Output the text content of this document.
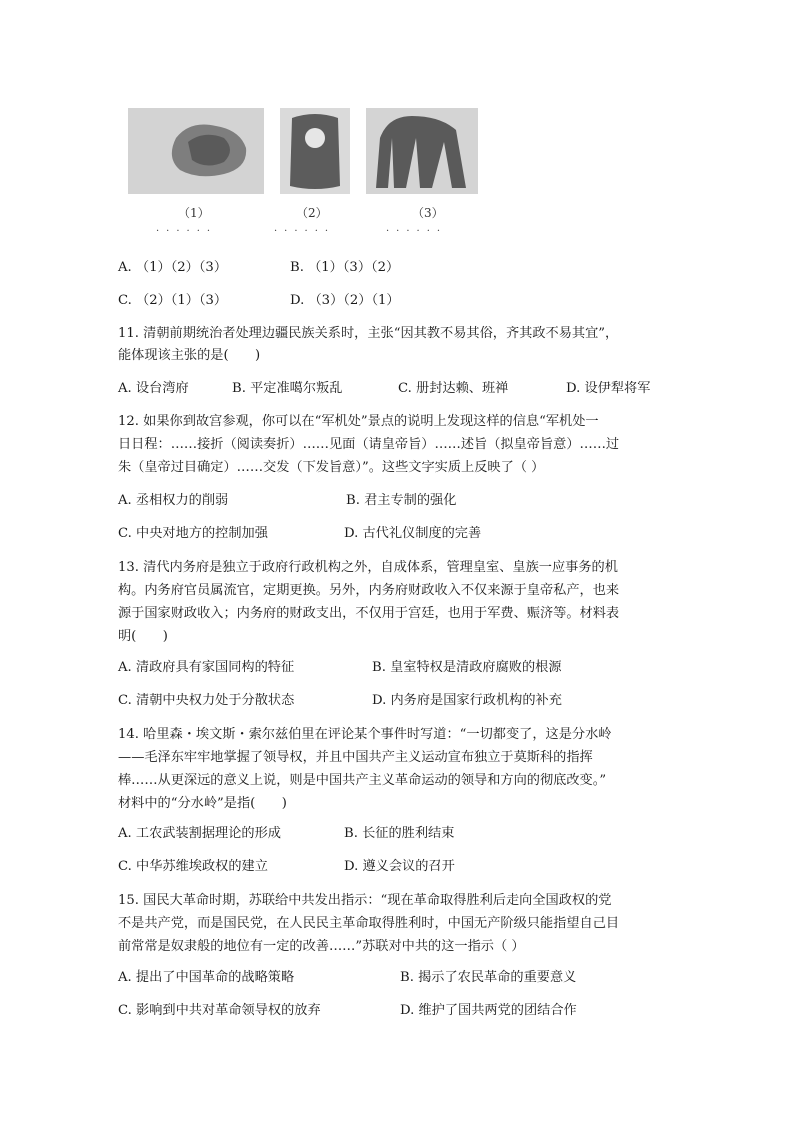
（1）	（2）	（3）
······	······	······
A. （1）（2）（3）	B. （1）（3）（2）
C. （2）（1）（3）	D. （3）（2）（1）
11. 清朝前期统治者处理边疆民族关系时，主张“因其教不易其俗，齐其政不易其宜”，
能体现该主张的是(　　)
A. 设台湾府	B. 平定准噶尔叛乱	C. 册封达赖、班禅	D. 设伊犁将军
12. 如果你到故宫参观，你可以在“军机处”景点的说明上发现这样的信息“军机处一
日日程：……接折（阅读奏折）……见面（请皇帝旨）……述旨（拟皇帝旨意）……过
朱（皇帝过目确定）……交发（下发旨意）”。这些文字实质上反映了（ ）
A. 丞相权力的削弱	B. 君主专制的强化
C. 中央对地方的控制加强	D. 古代礼仪制度的完善
13. 清代内务府是独立于政府行政机构之外，自成体系，管理皇室、皇族一应事务的机
构。内务府官员属流官，定期更换。另外，内务府财政收入不仅来源于皇帝私产，也来
源于国家财政收入；内务府的财政支出，不仅用于宫廷，也用于军费、赈济等。材料表
明(　　)
A. 清政府具有家国同构的特征	B. 皇室特权是清政府腐败的根源
C. 清朝中央权力处于分散状态	D. 内务府是国家行政机构的补充
14. 哈里森・埃文斯・索尔兹伯里在评论某个事件时写道：“一切都变了，这是分水岭
——毛泽东牢牢地掌握了领导权，并且中国共产主义运动宣布独立于莫斯科的指挥
棒……从更深远的意义上说，则是中国共产主义革命运动的领导和方向的彻底改变。”
材料中的“分水岭”是指(　　)
A. 工农武装割据理论的形成	B. 长征的胜利结束
C. 中华苏维埃政权的建立	D. 遵义会议的召开
15. 国民大革命时期，苏联给中共发出指示：“现在革命取得胜利后走向全国政权的党
不是共产党，而是国民党，在人民民主革命取得胜利时，中国无产阶级只能指望自己目
前常常是奴隶般的地位有一定的改善……”苏联对中共的这一指示（ ）
A. 提出了中国革命的战略策略	B. 揭示了农民革命的重要意义
C. 影响到中共对革命领导权的放弃	D. 维护了国共两党的团结合作
